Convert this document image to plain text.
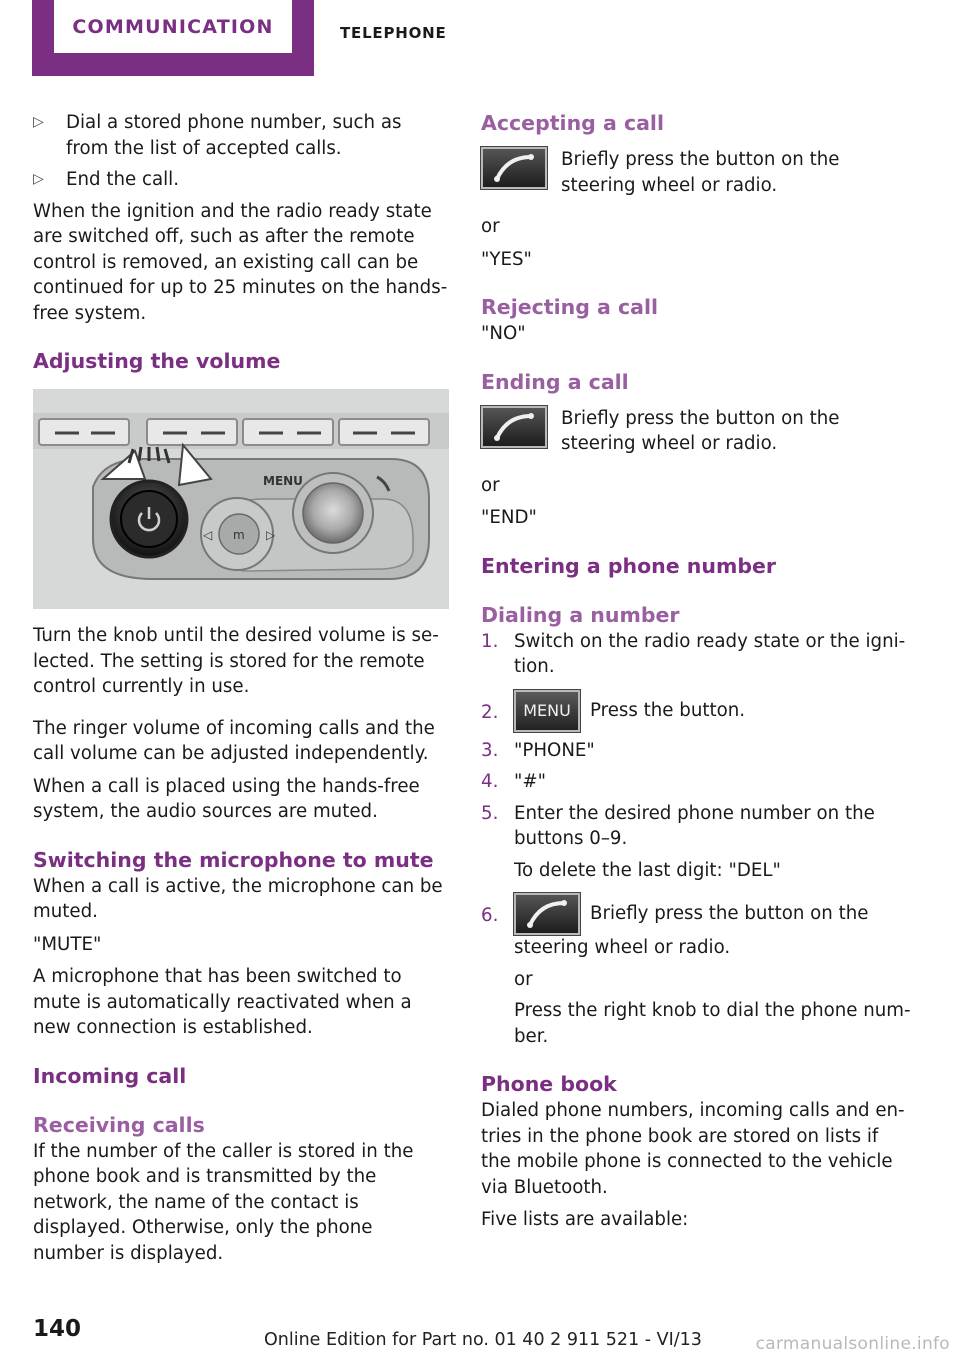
COMMUNICATION	TELEPHONE
▷ Dial a stored phone number, such as from the list of accepted calls.
▷ End the call.

When the ignition and the radio ready state are switched off, such as after the remote control is removed, an existing call can be continued for up to 25 minutes on the hands-free system.

Adjusting the volume
MENU
m
◁	▷

Turn the knob until the desired volume is selected. The setting is stored for the remote control currently in use.

The ringer volume of incoming calls and the call volume can be adjusted independently.

When a call is placed using the hands-free system, the audio sources are muted.

Switching the microphone to mute

When a call is active, the microphone can be muted.

"MUTE"

A microphone that has been switched to mute is automatically reactivated when a new connection is established.

Incoming call
Receiving calls

If the number of the caller is stored in the phone book and is transmitted by the network, the name of the contact is displayed. Otherwise, only the phone number is displayed.

Accepting a call
Briefly press the button on the steering wheel or radio.

or

"YES"

Rejecting a call

"NO"

Ending a call
Briefly press the button on the steering wheel or radio.

or

"END"

Entering a phone number
Dialing a number
1. Switch on the radio ready state or the ignition.
2.	MENU	Press the button.
3. "PHONE"
4. "#"
5. Enter the desired phone number on the buttons 0–9.
To delete the last digit: "DEL"
6.	Briefly press the button on the steering wheel or radio.
or
Press the right knob to dial the phone number.
Phone book

Dialed phone numbers, incoming calls and entries in the phone book are stored on lists if the mobile phone is connected to the vehicle via Bluetooth.

Five lists are available:

140	Online Edition for Part no. 01 40 2 911 521 - VI/13	carmanualsonline.info
